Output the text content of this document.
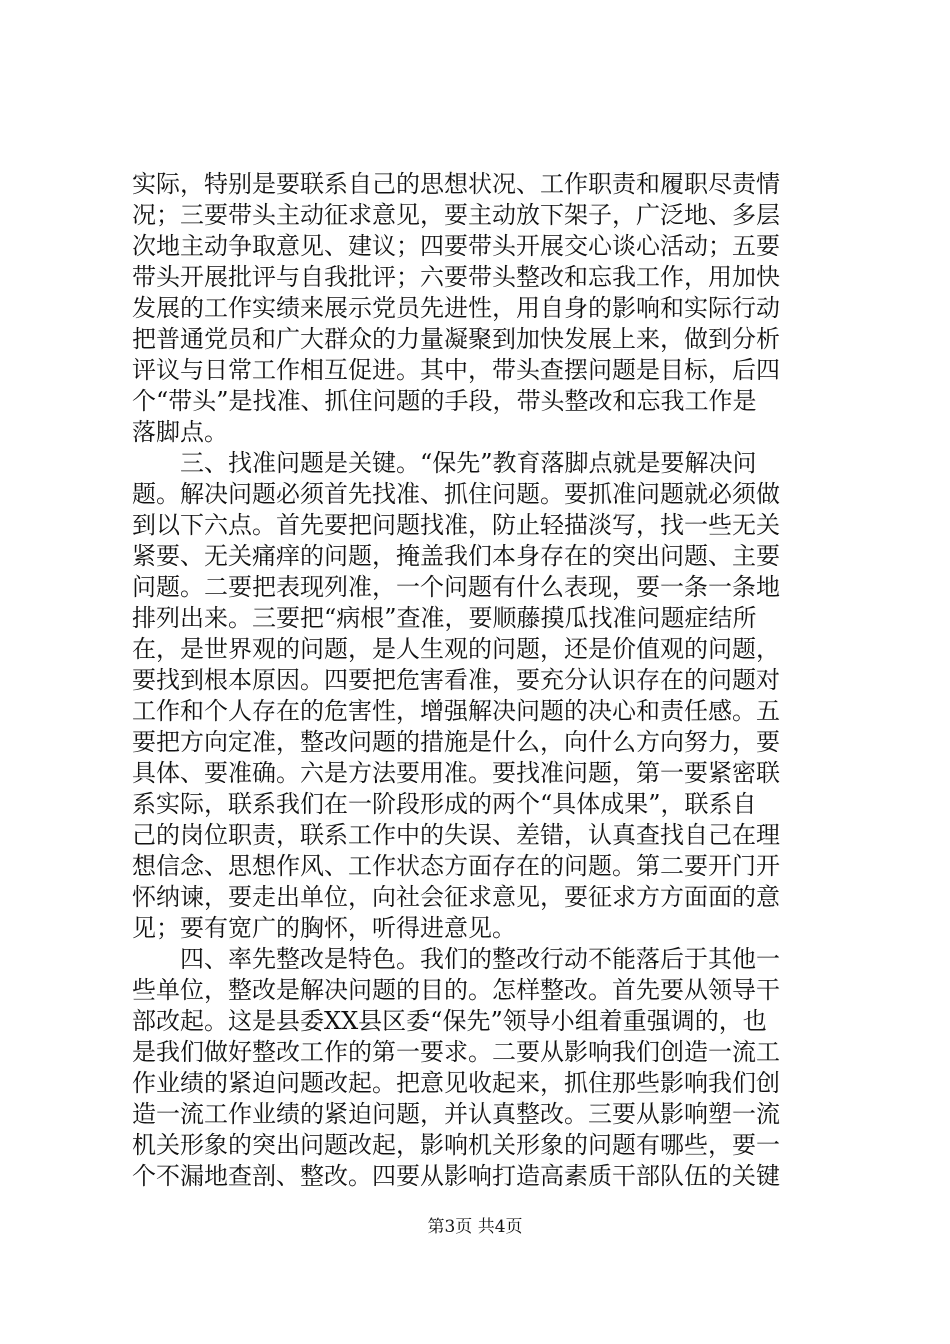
实际，特别是要联系自己的思想状况、工作职责和履职尽责情
况；三要带头主动征求意见，要主动放下架子，广泛地、多层
次地主动争取意见、建议；四要带头开展交心谈心活动；五要
带头开展批评与自我批评；六要带头整改和忘我工作，用加快
发展的工作实绩来展示党员先进性，用自身的影响和实际行动
把普通党员和广大群众的力量凝聚到加快发展上来，做到分析
评议与日常工作相互促进。其中，带头查摆问题是目标，后四
个“带头”是找准、抓住问题的手段，带头整改和忘我工作是
落脚点。
　　三、找准问题是关键。“保先”教育落脚点就是要解决问
题。解决问题必须首先找准、抓住问题。要抓准问题就必须做
到以下六点。首先要把问题找准，防止轻描淡写，找一些无关
紧要、无关痛痒的问题，掩盖我们本身存在的突出问题、主要
问题。二要把表现列准，一个问题有什么表现，要一条一条地
排列出来。三要把“病根”查准，要顺藤摸瓜找准问题症结所
在，是世界观的问题，是人生观的问题，还是价值观的问题，
要找到根本原因。四要把危害看准，要充分认识存在的问题对
工作和个人存在的危害性，增强解决问题的决心和责任感。五
要把方向定准，整改问题的措施是什么，向什么方向努力，要
具体、要准确。六是方法要用准。要找准问题，第一要紧密联
系实际，联系我们在一阶段形成的两个“具体成果”，联系自
己的岗位职责，联系工作中的失误、差错，认真查找自己在理
想信念、思想作风、工作状态方面存在的问题。第二要开门开
怀纳谏，要走出单位，向社会征求意见，要征求方方面面的意
见；要有宽广的胸怀，听得进意见。
　　四、率先整改是特色。我们的整改行动不能落后于其他一
些单位，整改是解决问题的目的。怎样整改。首先要从领导干
部改起。这是县委XX县区委“保先”领导小组着重强调的，也
是我们做好整改工作的第一要求。二要从影响我们创造一流工
作业绩的紧迫问题改起。把意见收起来，抓住那些影响我们创
造一流工作业绩的紧迫问题，并认真整改。三要从影响塑一流
机关形象的突出问题改起，影响机关形象的问题有哪些，要一
个不漏地查剖、整改。四要从影响打造高素质干部队伍的关键
第3页 共4页
